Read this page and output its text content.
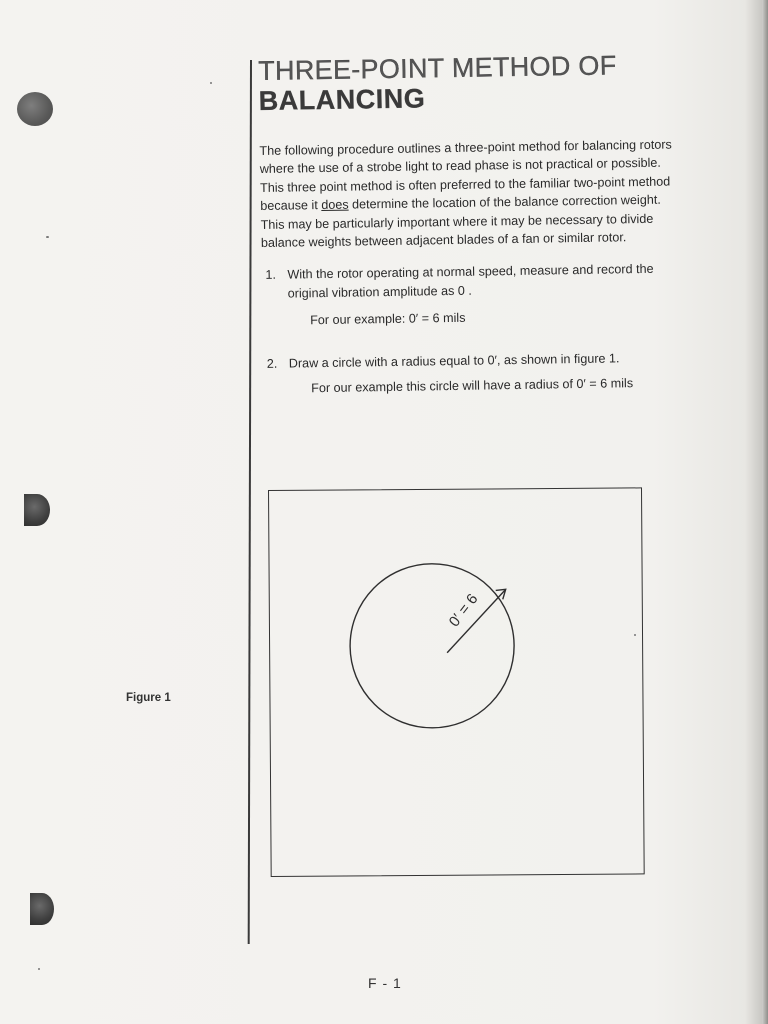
THREE-POINT METHOD OF
BALANCING

The following procedure outlines a three-point method for balancing rotors where the use of a strobe light to read phase is not practical or possible. This three point method is often preferred to the familiar two-point method because it does determine the location of the balance correction weight. This may be particularly important where it may be necessary to divide balance weights between adjacent blades of a fan or similar rotor.

1. With the rotor operating at normal speed, measure and record the original vibration amplitude as 0 .
For our example: 0′ = 6 mils
2. Draw a circle with a radius equal to 0′, as shown in figure 1.
For our example this circle will have a radius of 0′ = 6 mils
0′ = 6
Figure 1
F - 1
